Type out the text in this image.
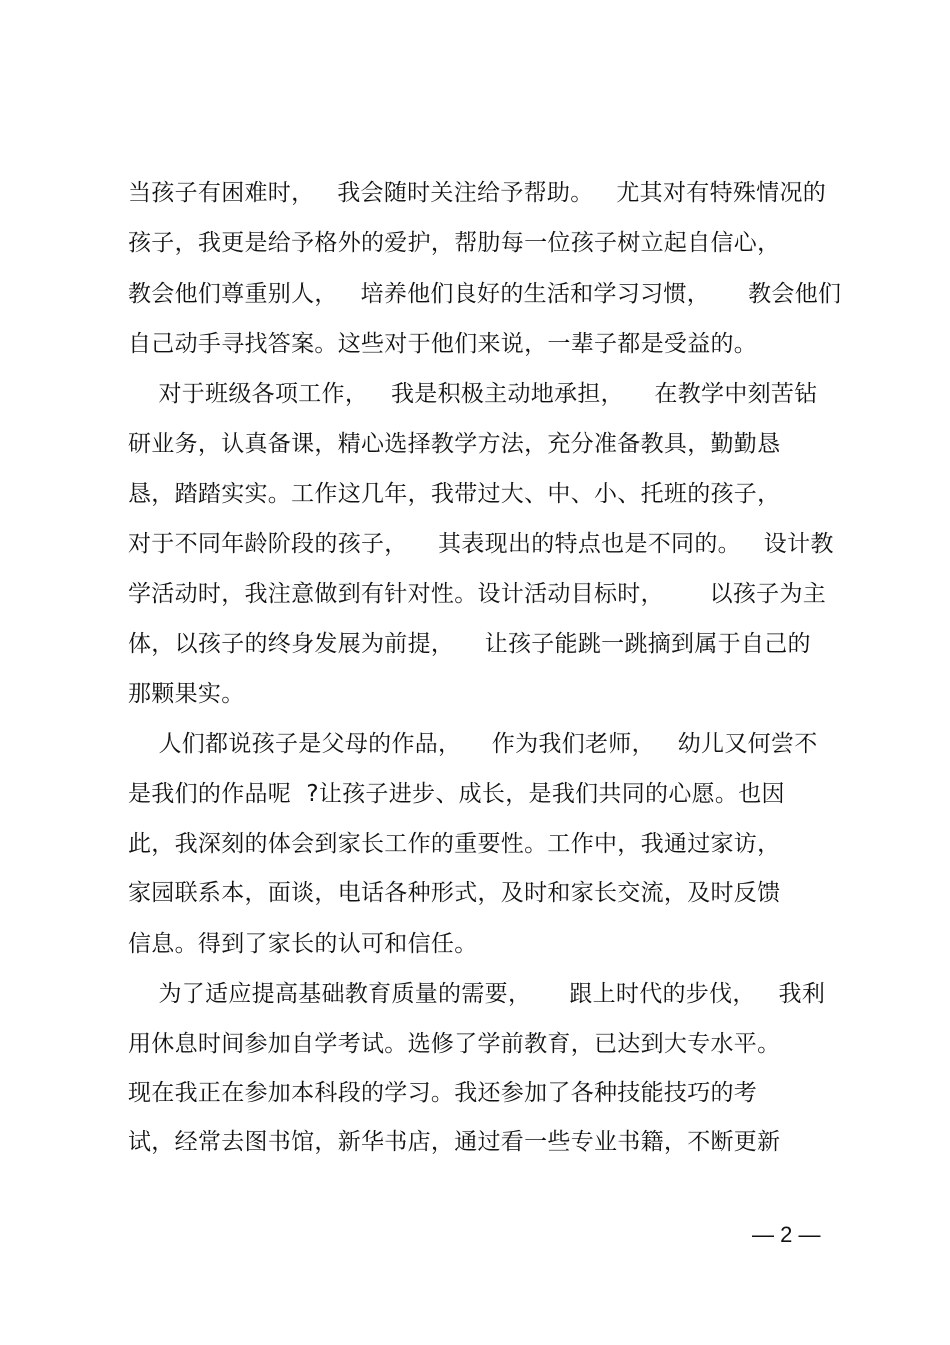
当孩子有困难时，   我会随时关注给予帮助。   尤其对有特殊情况的
孩子，我更是给予格外的爱护，帮肋每一位孩子树立起自信心，
教会他们尊重别人，   培养他们良好的生活和学习习惯，     教会他们
自己动手寻找答案。这些对于他们来说，一辈子都是受益的。
对于班级各项工作，   我是积极主动地承担，    在教学中刻苦钻
研业务，认真备课，精心选择教学方法，充分准备教具，勤勤恳
恳，踏踏实实。工作这几年，我带过大、中、小、托班的孩子，
对于不同年龄阶段的孩子，    其表现出的特点也是不同的。   设计教
学活动时，我注意做到有针对性。设计活动目标时，      以孩子为主
体，以孩子的终身发展为前提，    让孩子能跳一跳摘到属于自己的
那颗果实。
人们都说孩子是父母的作品，    作为我们老师，   幼儿又何尝不
是我们的作品呢  ?让孩子进步、成长，是我们共同的心愿。也因
此，我深刻的体会到家长工作的重要性。工作中，我通过家访，
家园联系本，面谈，电话各种形式，及时和家长交流，及时反馈
信息。得到了家长的认可和信任。
为了适应提高基础教育质量的需要，     跟上时代的步伐，   我利
用休息时间参加自学考试。选修了学前教育，已达到大专水平。
现在我正在参加本科段的学习。我还参加了各种技能技巧的考
试，经常去图书馆，新华书店，通过看一些专业书籍，不断更新
— 2 —
